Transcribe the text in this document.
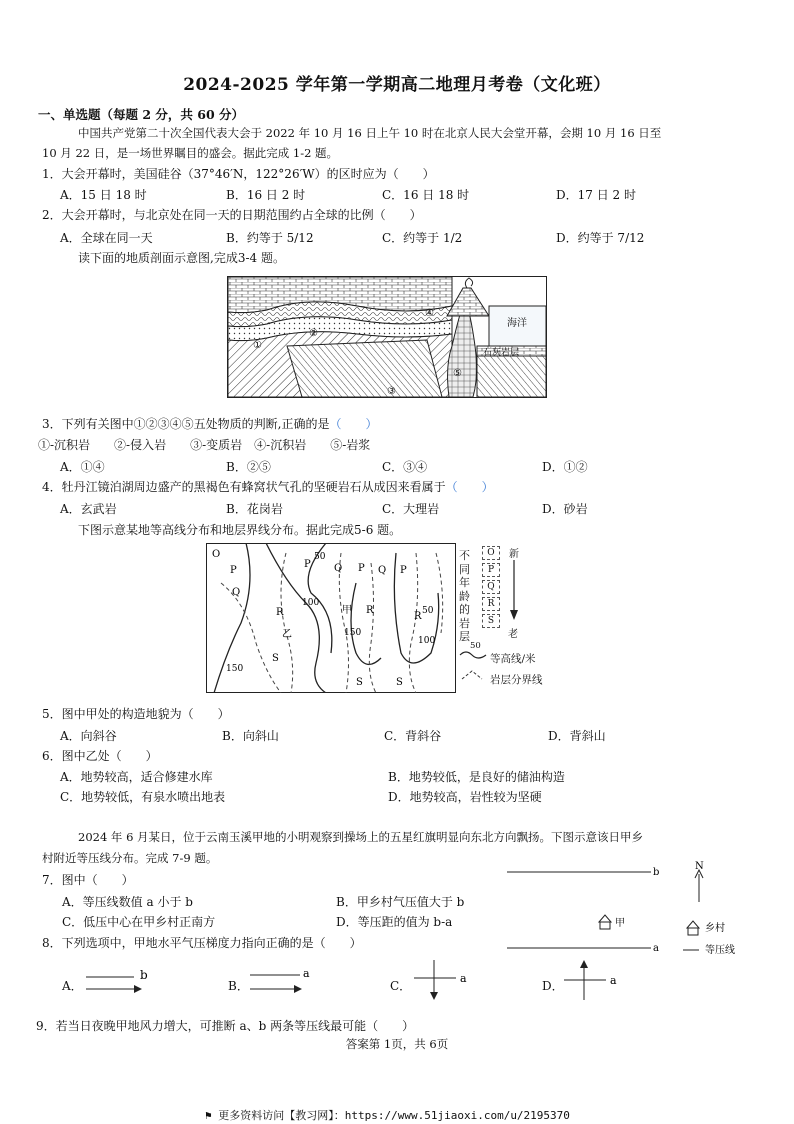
2024-2025 学年第一学期高二地理月考卷（文化班）
一、单选题（每题 2 分，共 60 分）
中国共产党第二十次全国代表大会于 2022 年 10 月 16 日上午 10 时在北京人民大会堂开幕，会期 10 月 16 日至
10 月 22 日，是一场世界瞩目的盛会。据此完成 1-2 题。
1．大会开幕时，美国硅谷（37°46′N，122°26′W）的区时应为（　　）
A．15 日 18 时	B．16 日 2 时	C．16 日 18 时	D．17 日 2 时
2．大会开幕时，与北京处在同一天的日期范围约占全球的比例（　　）
A．全球在同一天	B．约等于 5/12	C．约等于 1/2	D．约等于 7/12
读下面的地质剖面示意图,完成3-4 题。
海洋
石灰岩层
①
②
④
⑤
③
3．下列有关图中①②③④⑤五处物质的判断,正确的是（　　）
①-沉积岩　　②-侵入岩　　③-变质岩　④-沉积岩　　⑤-岩浆
A．①④	B．②⑤	C．③④	D．①②
4．牡丹江镜泊湖周边盛产的黑褐色有蜂窝状气孔的坚硬岩石从成因来看属于（　　）
A．玄武岩	B．花岗岩	C．大理岩	D．砂岩
下图示意某地等高线分布和地层界线分布。据此完成5-6 题。
O
P
Q
R
S
P Q P Q P
R
R
S	S
50
100
150
50
100
150
甲
乙
不
同
年
龄
的
岩
层
O
P
Q
R
S
新
老
50
等高线/米
岩层分界线
5．图中甲处的构造地貌为（　　）
A．向斜谷	B．向斜山	C．背斜谷	D．背斜山
6．图中乙处（　　）
A．地势较高，适合修建水库	B．地势较低，是良好的储油构造
C．地势较低，有泉水喷出地表	D．地势较高，岩性较为坚硬
2024 年 6 月某日，位于云南玉溪甲地的小明观察到操场上的五星红旗明显向东北方向飘扬。下图示意该日甲乡
村附近等压线分布。完成 7-9 题。
7．图中（　　）
A．等压线数值 a 小于 b	B．甲乡村气压值大于 b
C．低压中心在甲乡村正南方	D．等压距的值为 b-a
b
a
N
甲	乡村
等压线
8．下列选项中，甲地水平气压梯度力指向正确的是（　　）
A．
b
B．
a
C．
a
D．	a
9．若当日夜晚甲地风力增大，可推断 a、b 两条等压线最可能（　　）
答案第 1页，共 6页
⚑ 更多资料访问【教习网】：https://www.51jiaoxi.com/u/2195370
